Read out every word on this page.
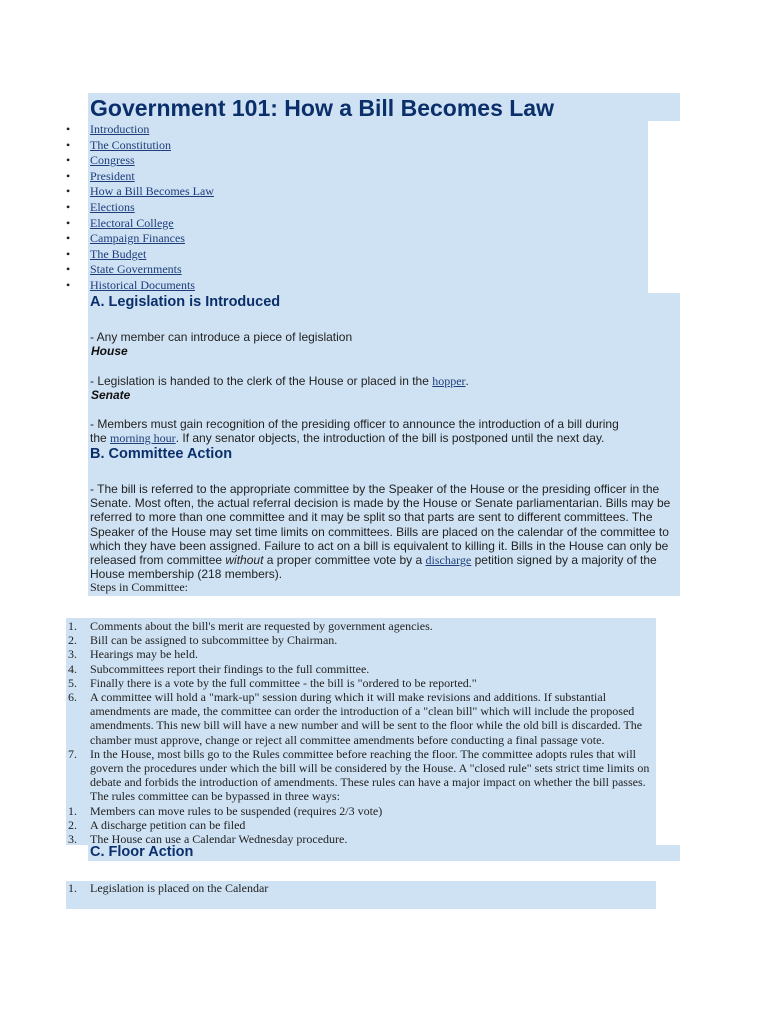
Government 101: How a Bill Becomes Law
• Introduction
• The Constitution
• Congress
• President
• How a Bill Becomes Law
• Elections
• Electoral College
• Campaign Finances
• The Budget
• State Governments
• Historical Documents
A. Legislation is Introduced
- Any member can introduce a piece of legislation
House
- Legislation is handed to the clerk of the House or placed in the hopper.
Senate
- Members must gain recognition of the presiding officer to announce the introduction of a bill during
the morning hour. If any senator objects, the introduction of the bill is postponed until the next day.
B. Committee Action
- The bill is referred to the appropriate committee by the Speaker of the House or the presiding officer in the Senate. Most often, the actual referral decision is made by the House or Senate parliamentarian. Bills may be referred to more than one committee and it may be split so that parts are sent to different committees. The Speaker of the House may set time limits on committees. Bills are placed on the calendar of the committee to which they have been assigned. Failure to act on a bill is equivalent to killing it. Bills in the House can only be released from committee without a proper committee vote by a discharge petition signed by a majority of the House membership (218 members).
Steps in Committee:
1. Comments about the bill's merit are requested by government agencies.
2. Bill can be assigned to subcommittee by Chairman.
3. Hearings may be held.
4. Subcommittees report their findings to the full committee.
5. Finally there is a vote by the full committee - the bill is "ordered to be reported."
6. A committee will hold a "mark-up" session during which it will make revisions and additions. If substantial amendments are made, the committee can order the introduction of a "clean bill" which will include the proposed amendments. This new bill will have a new number and will be sent to the floor while the old bill is discarded. The chamber must approve, change or reject all committee amendments before conducting a final passage vote.
7. In the House, most bills go to the Rules committee before reaching the floor. The committee adopts rules that will govern the procedures under which the bill will be considered by the House. A "closed rule" sets strict time limits on debate and forbids the introduction of amendments. These rules can have a major impact on whether the bill passes. The rules committee can be bypassed in three ways:
1. Members can move rules to be suspended (requires 2/3 vote)
2. A discharge petition can be filed
3. The House can use a Calendar Wednesday procedure.
C. Floor Action
1. Legislation is placed on the Calendar
